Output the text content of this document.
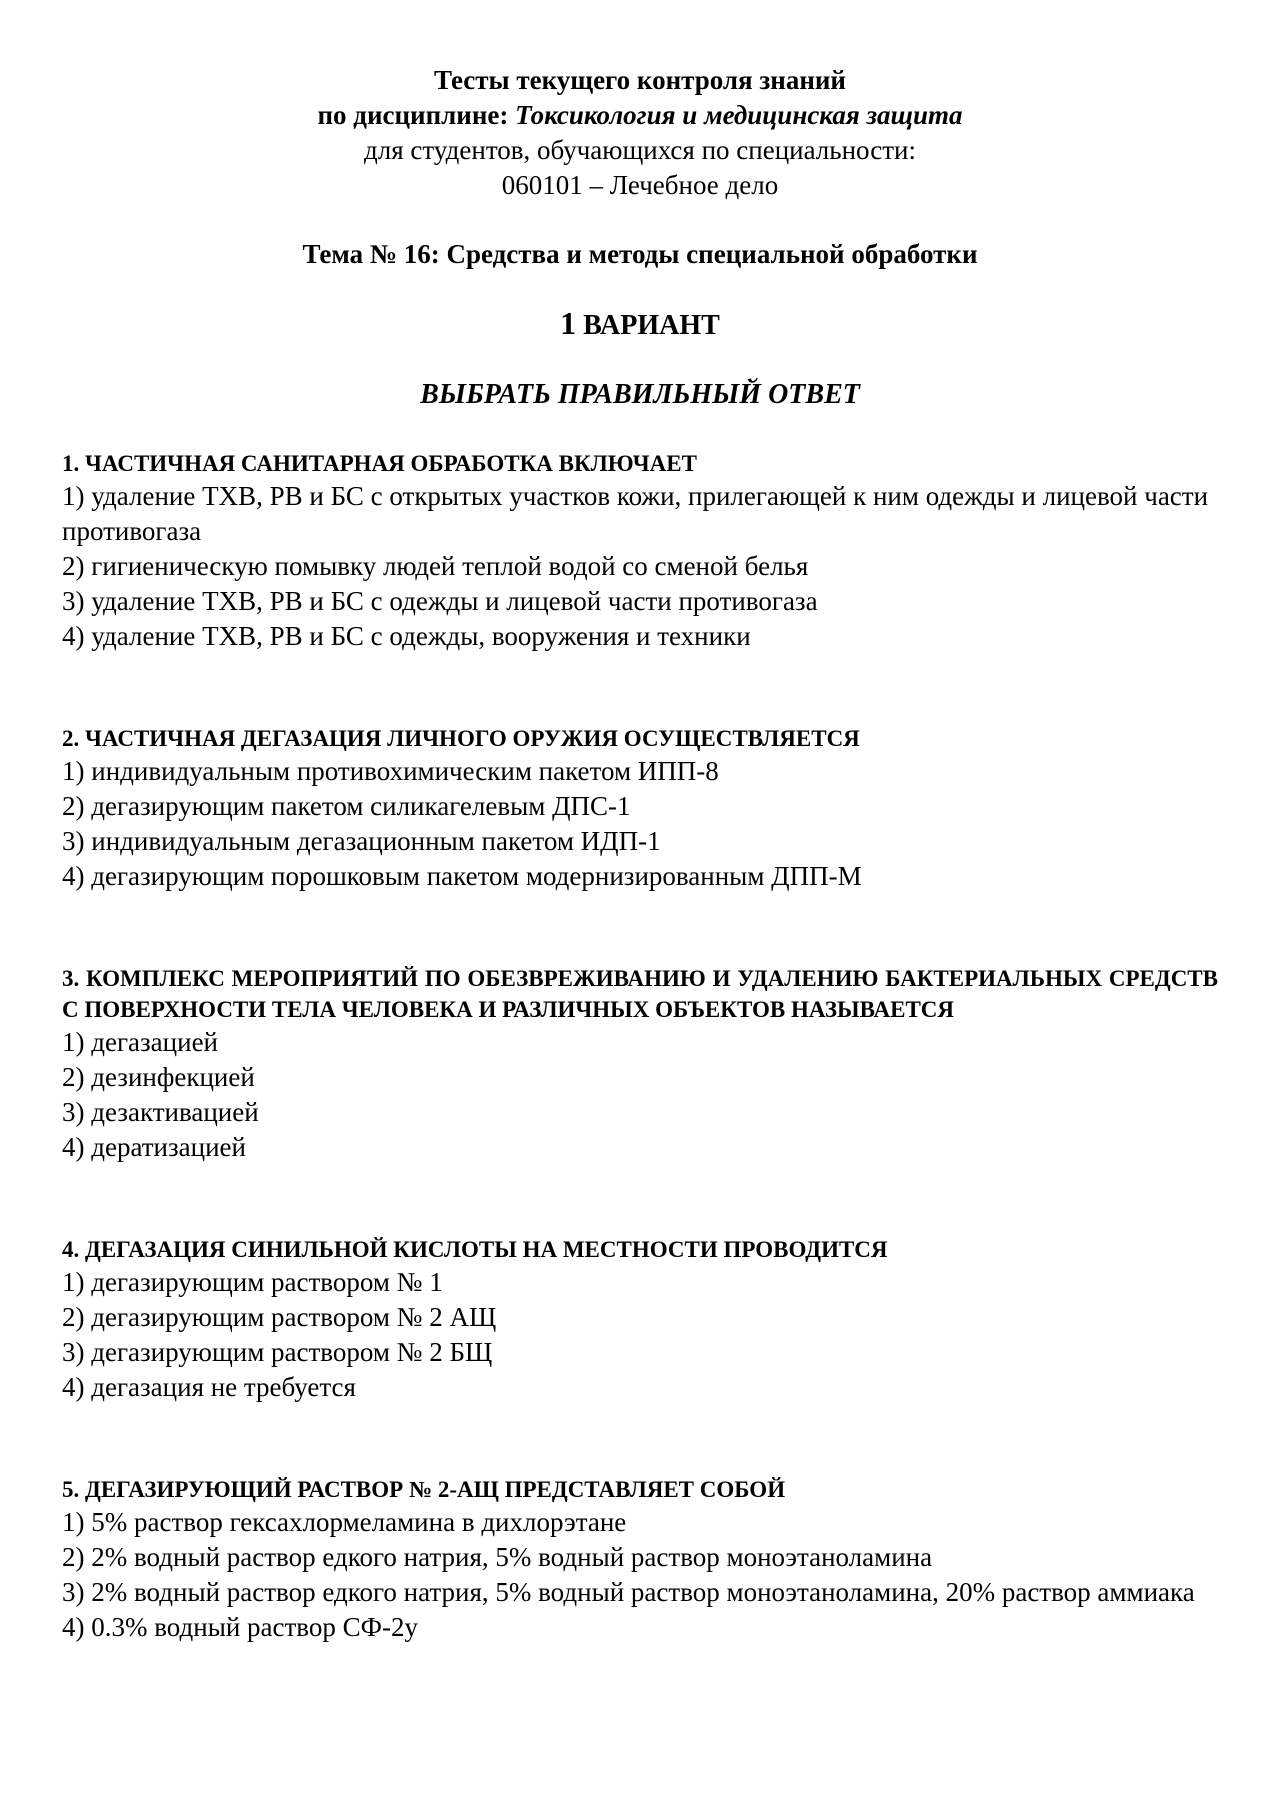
Тесты текущего контроля знаний
по дисциплине: Токсикология и медицинская защита
для студентов, обучающихся по специальности:
060101 – Лечебное дело
Тема № 16: Средства и методы специальной обработки
1 ВАРИАНТ
ВЫБРАТЬ ПРАВИЛЬНЫЙ ОТВЕТ
1. ЧАСТИЧНАЯ САНИТАРНАЯ ОБРАБОТКА ВКЛЮЧАЕТ
1) удаление ТХВ, РВ и БС с открытых участков кожи, прилегающей к ним одежды и лицевой части противогаза
2) гигиеническую помывку людей теплой водой со сменой белья
3) удаление ТХВ, РВ и БС с одежды и лицевой части противогаза
4) удаление ТХВ, РВ и БС с одежды, вооружения и техники
2. ЧАСТИЧНАЯ ДЕГАЗАЦИЯ ЛИЧНОГО ОРУЖИЯ ОСУЩЕСТВЛЯЕТСЯ
1) индивидуальным противохимическим пакетом ИПП-8
2) дегазирующим пакетом силикагелевым ДПС-1
3) индивидуальным дегазационным пакетом ИДП-1
4) дегазирующим порошковым пакетом модернизированным ДПП-М
3. КОМПЛЕКС МЕРОПРИЯТИЙ ПО ОБЕЗВРЕЖИВАНИЮ И УДАЛЕНИЮ БАКТЕРИАЛЬНЫХ СРЕДСТВ С ПОВЕРХНОСТИ ТЕЛА ЧЕЛОВЕКА И РАЗЛИЧНЫХ ОБЪЕКТОВ НАЗЫВАЕТСЯ
1) дегазацией
2) дезинфекцией
3) дезактивацией
4) дератизацией
4. ДЕГАЗАЦИЯ СИНИЛЬНОЙ КИСЛОТЫ НА МЕСТНОСТИ ПРОВОДИТСЯ
1) дегазирующим раствором № 1
2) дегазирующим раствором № 2 АЩ
3) дегазирующим раствором № 2 БЩ
4) дегазация не требуется
5. ДЕГАЗИРУЮЩИЙ РАСТВОР № 2-АЩ ПРЕДСТАВЛЯЕТ СОБОЙ
1) 5% раствор гексахлормеламина в дихлорэтане
2) 2% водный раствор едкого натрия, 5% водный раствор моноэтаноламина
3) 2% водный раствор едкого натрия, 5% водный раствор моноэтаноламина, 20% раствор аммиака
4) 0.3% водный раствор СФ-2у
